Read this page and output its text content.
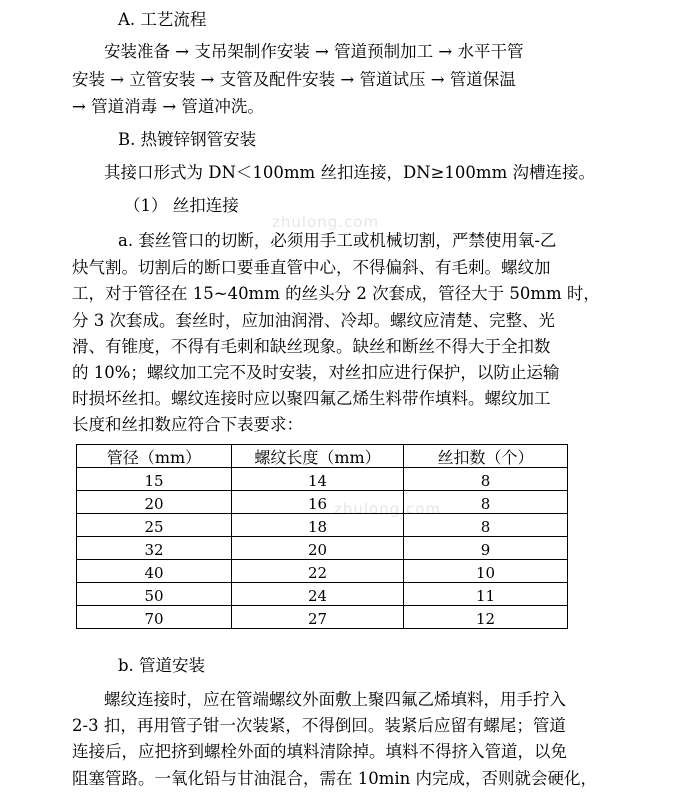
A. 工艺流程
安装准备 → 支吊架制作安装 → 管道预制加工 → 水平干管
安装 → 立管安装 → 支管及配件安装 → 管道试压 → 管道保温
→ 管道消毒 → 管道冲洗。
B. 热镀锌钢管安装
其接口形式为 DN＜100mm 丝扣连接，DN≥100mm 沟槽连接。
（1） 丝扣连接
a. 套丝管口的切断，必须用手工或机械切割，严禁使用氧-乙
炔气割。切割后的断口要垂直管中心，不得偏斜、有毛刺。螺纹加
工，对于管径在 15~40mm 的丝头分 2 次套成，管径大于 50mm 时，
分 3 次套成。套丝时，应加油润滑、冷却。螺纹应清楚、完整、光
滑、有锥度，不得有毛刺和缺丝现象。缺丝和断丝不得大于全扣数
的 10%；螺纹加工完不及时安装，对丝扣应进行保护，以防止运输
时损坏丝扣。螺纹连接时应以聚四氟乙烯生料带作填料。螺纹加工
长度和丝扣数应符合下表要求：
b. 管道安装
螺纹连接时，应在管端螺纹外面敷上聚四氟乙烯填料，用手拧入
2-3 扣，再用管子钳一次装紧，不得倒回。装紧后应留有螺尾；管道
连接后，应把挤到螺栓外面的填料清除掉。填料不得挤入管道，以免
阻塞管路。一氧化铅与甘油混合，需在 10min 内完成，否则就会硬化，
zhulong.com
zhulong.com
管径（mm）	螺纹长度（mm）	丝扣数（个）
15	14	8
20	16	8
25	18	8
32	20	9
40	22	10
50	24	11
70	27	12
